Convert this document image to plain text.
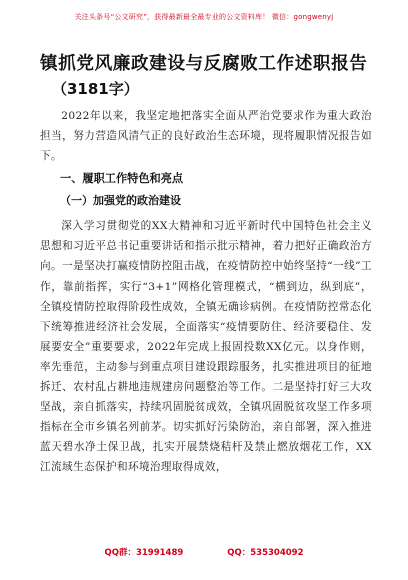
关注头条号“公文研究”，获得最新最全最专业的公文资料库！ 微信：gongwenyj
镇抓党风廉政建设与反腐败工作述职报告
（3181字）

2022年以来，我坚定地把落实全面从严治党要求作为重大政治担当，努力营造风清气正的良好政治生态环境，现将履职情况报告如下。

一、履职工作特色和亮点
（一）加强党的政治建设

深入学习贯彻党的XX大精神和习近平新时代中国特色社会主义思想和习近平总书记重要讲话和指示批示精神，着力把好正确政治方向。一是坚决打赢疫情防控阻击战，在疫情防控中始终坚持“一线”工作，靠前指挥，实行“3+1”网格化管理模式，“横到边，纵到底”，全镇疫情防控取得阶段性成效，全镇无确诊病例。在疫情防控常态化下统筹推进经济社会发展，全面落实“疫情要防住、经济要稳住、发展要安全”重要要求，2022年完成上报固投数XX亿元。以身作则，率先垂范，主动参与到重点项目建设跟踪服务，扎实推进项目的征地拆迁、农村乱占耕地违规建房问题整治等工作。二是坚持打好三大攻坚战，亲自抓落实，持续巩固脱贫成效，全镇巩固脱贫攻坚工作多项指标在全市乡镇名列前茅。切实抓好污染防治，亲自部署，深入推进蓝天碧水净土保卫战，扎实开展禁烧秸杆及禁止燃放烟花工作，XX江流域生态保护和环境治理取得成效，

QQ群：31991489	QQ：535304092
